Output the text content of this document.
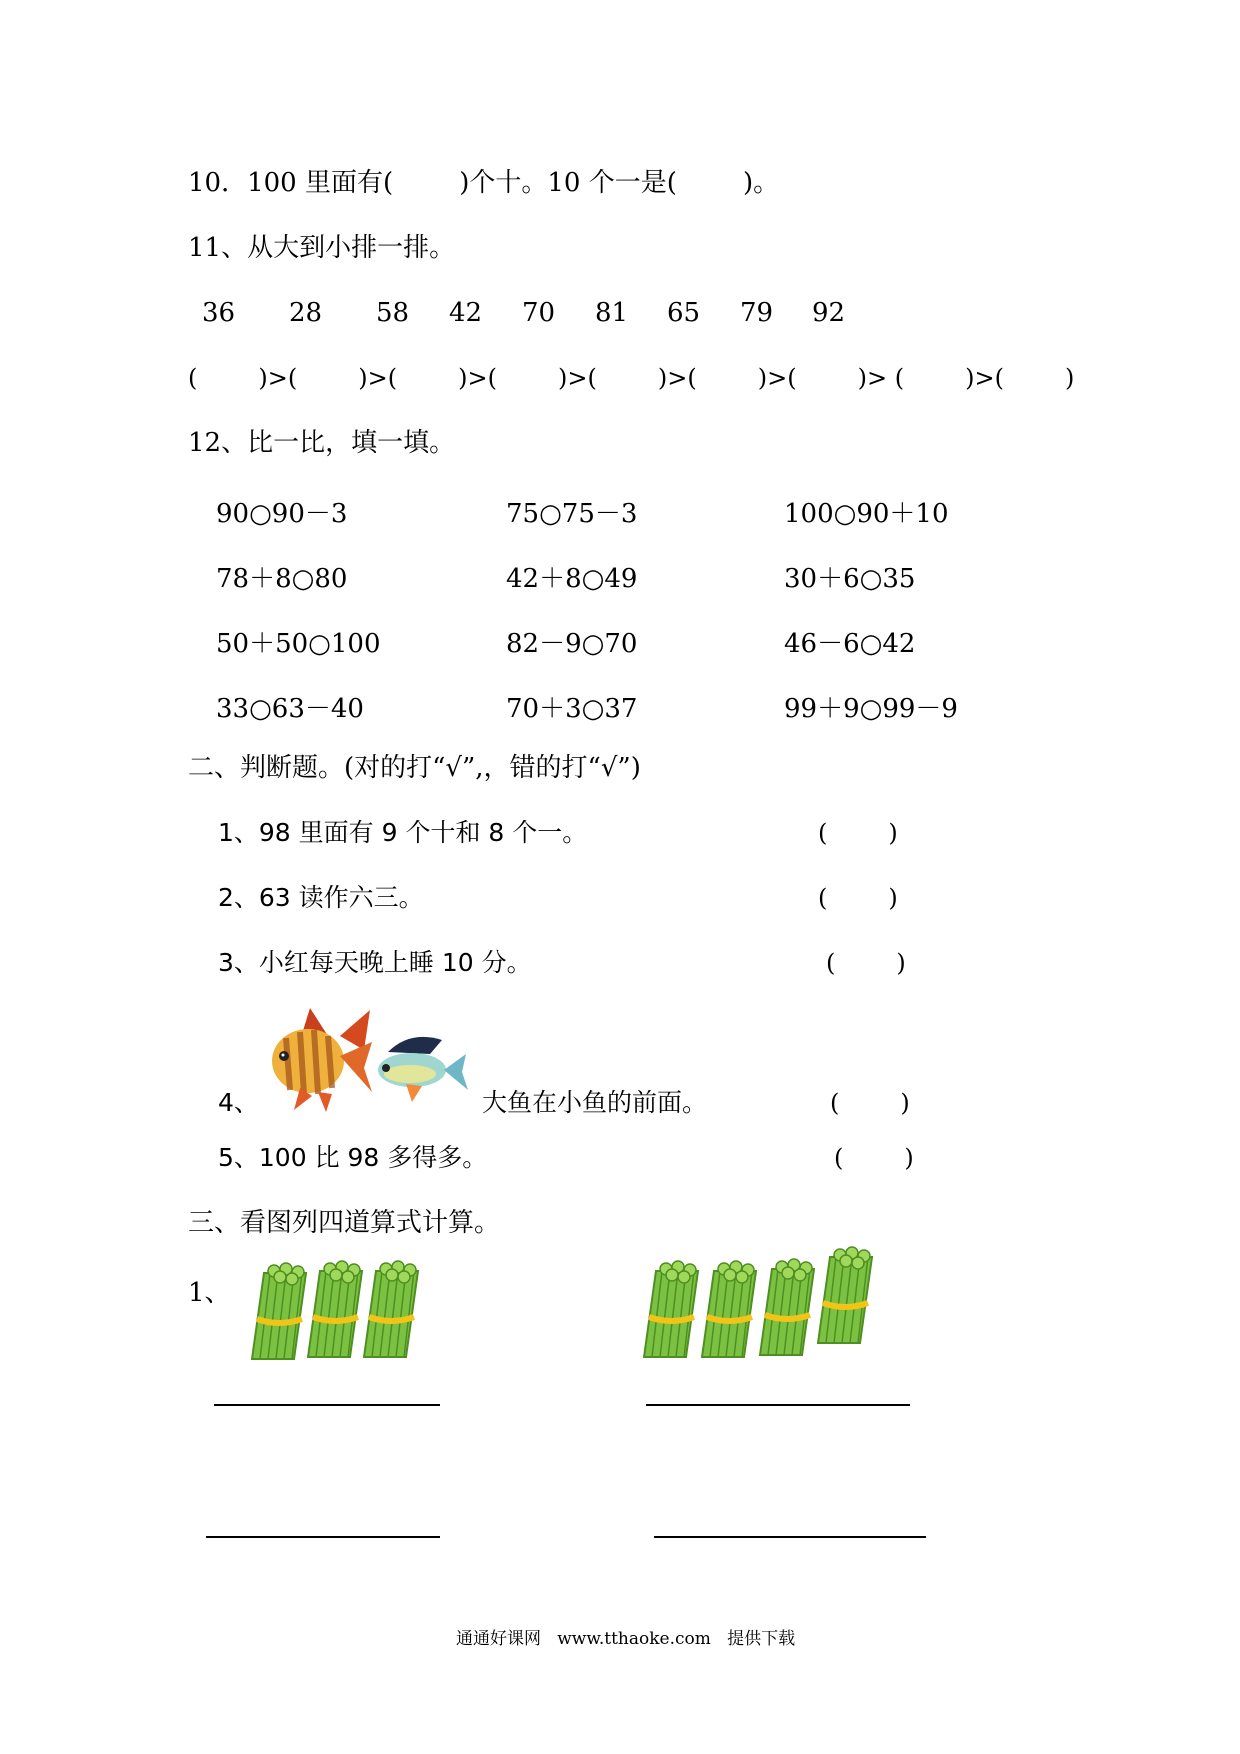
10．100 里面有(        )个十。10 个一是(        )。
11、从大到小排一排。
36 28 58 42 70 81 65 79 92
(        )>(        )>(        )>(        )>(        )>(        )>(        )> (        )>(        )
12、比一比，填一填。
90○90－3	75○75－3	100○90＋10
78＋8○80	42＋8○49	30＋6○35
50＋50○100	82－9○70	46－6○42
33○63－40	70＋3○37	99＋9○99－9
二、判断题。(对的打“√”,，错的打“√”)
1、98 里面有 9 个十和 8 个一。	(        )
2、63 读作六三。	(        )
3、小红每天晚上睡 10 分。	(        )
4、	大鱼在小鱼的前面。	(        )
5、100 比 98 多得多。	(        )
三、看图列四道算式计算。
1、
通通好课网   www.tthaoke.com   提供下载
